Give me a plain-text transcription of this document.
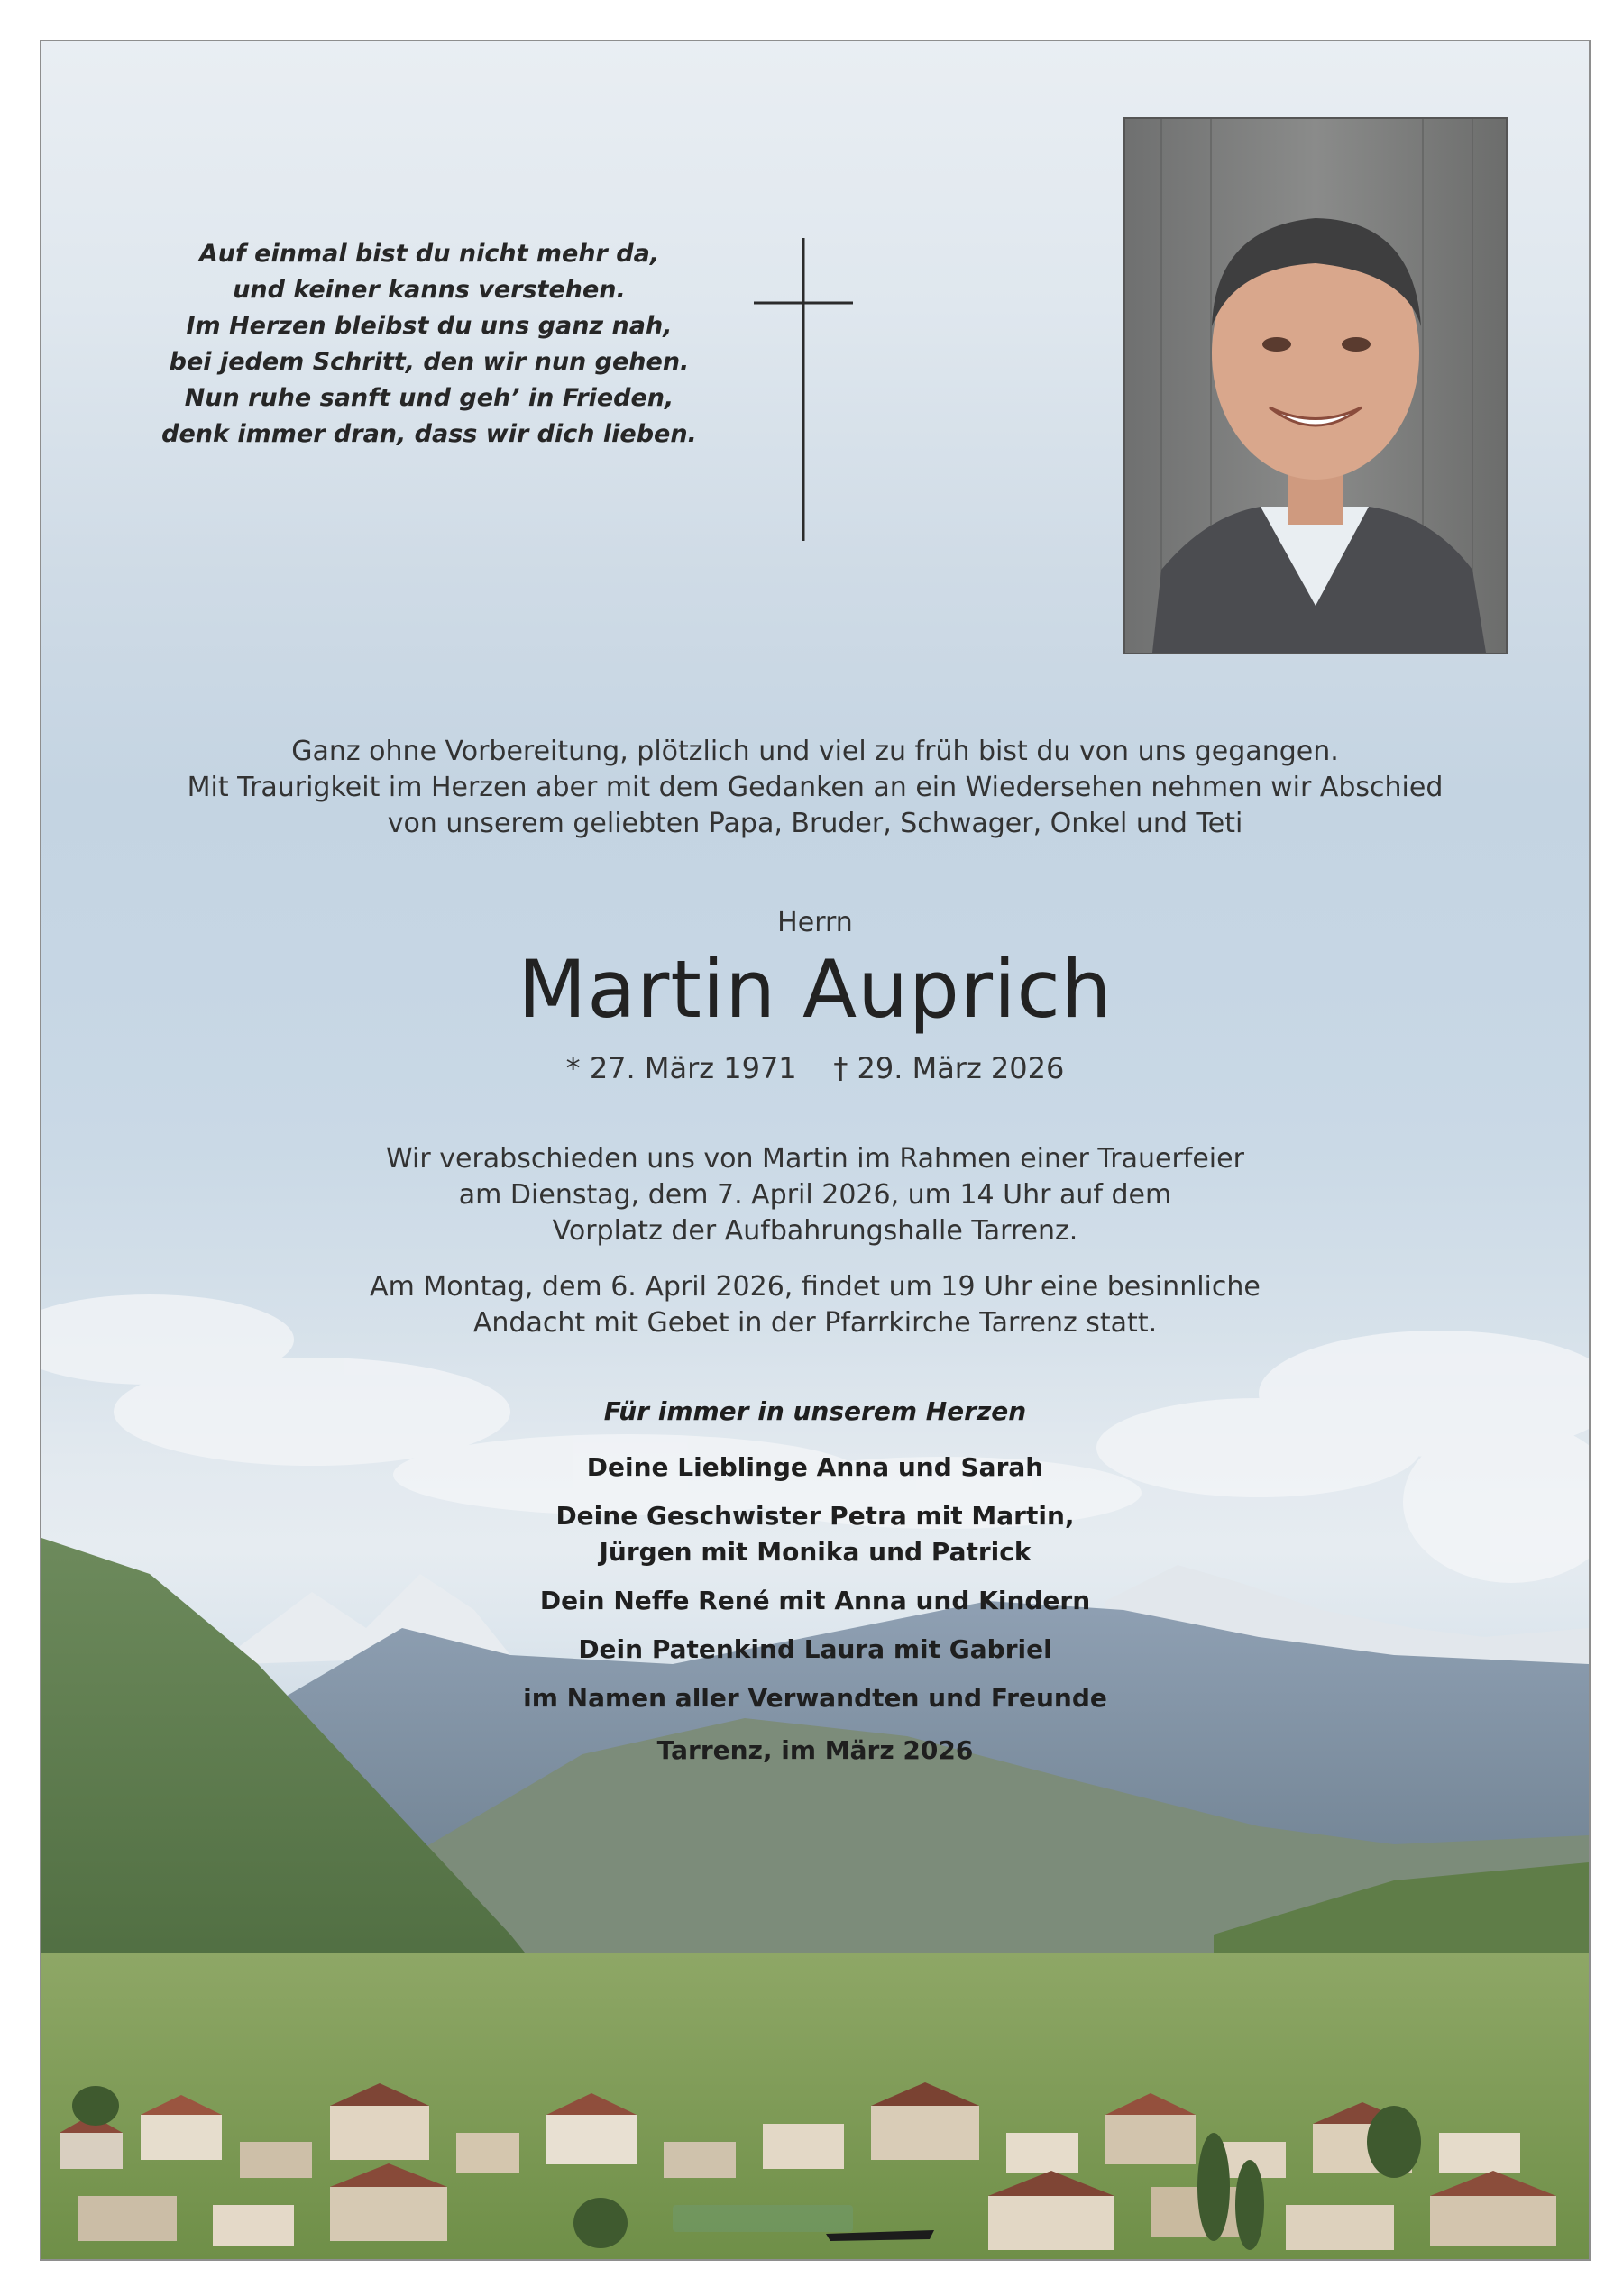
Auf einmal bist du nicht mehr da,
und keiner kanns verstehen.
Im Herzen bleibst du uns ganz nah,
bei jedem Schritt, den wir nun gehen.
Nun ruhe sanft und geh’ in Frieden,
denk immer dran, dass wir dich lieben.
Ganz ohne Vorbereitung, plötzlich und viel zu früh bist du von uns gegangen.
Mit Traurigkeit im Herzen aber mit dem Gedanken an ein Wiedersehen nehmen wir Abschied
von unserem geliebten Papa, Bruder, Schwager, Onkel und Teti
Herrn
Martin Auprich
* 27. März 1971 † 29. März 2026
Wir verabschieden uns von Martin im Rahmen einer Trauerfeier
am Dienstag, dem 7. April 2026, um 14 Uhr auf dem
Vorplatz der Aufbahrungshalle Tarrenz.
Am Montag, dem 6. April 2026, findet um 19 Uhr eine besinnliche
Andacht mit Gebet in der Pfarrkirche Tarrenz statt.
Für immer in unserem Herzen
Deine Lieblinge Anna und Sarah
Deine Geschwister Petra mit Martin,
Jürgen mit Monika und Patrick
Dein Neffe René mit Anna und Kindern
Dein Patenkind Laura mit Gabriel
im Namen aller Verwandten und Freunde
Tarrenz, im März 2026
